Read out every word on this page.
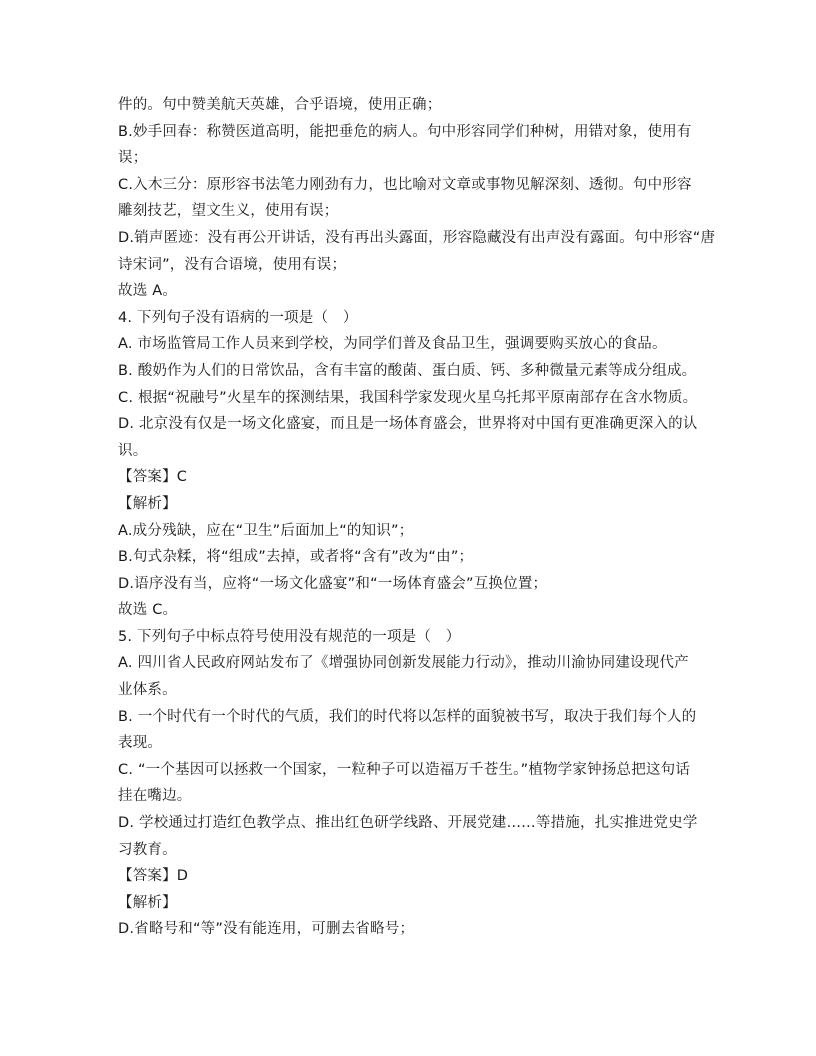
件的。句中赞美航天英雄，合乎语境，使用正确；
B.妙手回春：称赞医道高明，能把垂危的病人。句中形容同学们种树，用错对象，使用有
误；
C.入木三分：原形容书法笔力刚劲有力，也比喻对文章或事物见解深刻、透彻。句中形容
雕刻技艺，望文生义，使用有误；
D.销声匿迹：没有再公开讲话，没有再出头露面，形容隐藏没有出声没有露面。句中形容“唐
诗宋词”，没有合语境，使用有误；
故选 A。
4. 下列句子没有语病的一项是（　）
A. 市场监管局工作人员来到学校，为同学们普及食品卫生，强调要购买放心的食品。
B. 酸奶作为人们的日常饮品，含有丰富的酸菌、蛋白质、钙、多种微量元素等成分组成。
C. 根据“祝融号”火星车的探测结果，我国科学家发现火星乌托邦平原南部存在含水物质。
D. 北京没有仅是一场文化盛宴，而且是一场体育盛会，世界将对中国有更准确更深入的认
识。
【答案】C
【解析】
A.成分残缺，应在“卫生”后面加上“的知识”；
B.句式杂糅，将“组成”去掉，或者将“含有”改为“由”；
D.语序没有当，应将“一场文化盛宴”和“一场体育盛会”互换位置；
故选 C。
5. 下列句子中标点符号使用没有规范的一项是（　）
A. 四川省人民政府网站发布了《增强协同创新发展能力行动》，推动川渝协同建设现代产
业体系。
B. 一个时代有一个时代的气质，我们的时代将以怎样的面貌被书写，取决于我们每个人的
表现。
C. “一个基因可以拯救一个国家，一粒种子可以造福万千苍生。”植物学家钟扬总把这句话
挂在嘴边。
D. 学校通过打造红色教学点、推出红色研学线路、开展党建……等措施，扎实推进党史学
习教育。
【答案】D
【解析】
D.省略号和“等”没有能连用，可删去省略号；
